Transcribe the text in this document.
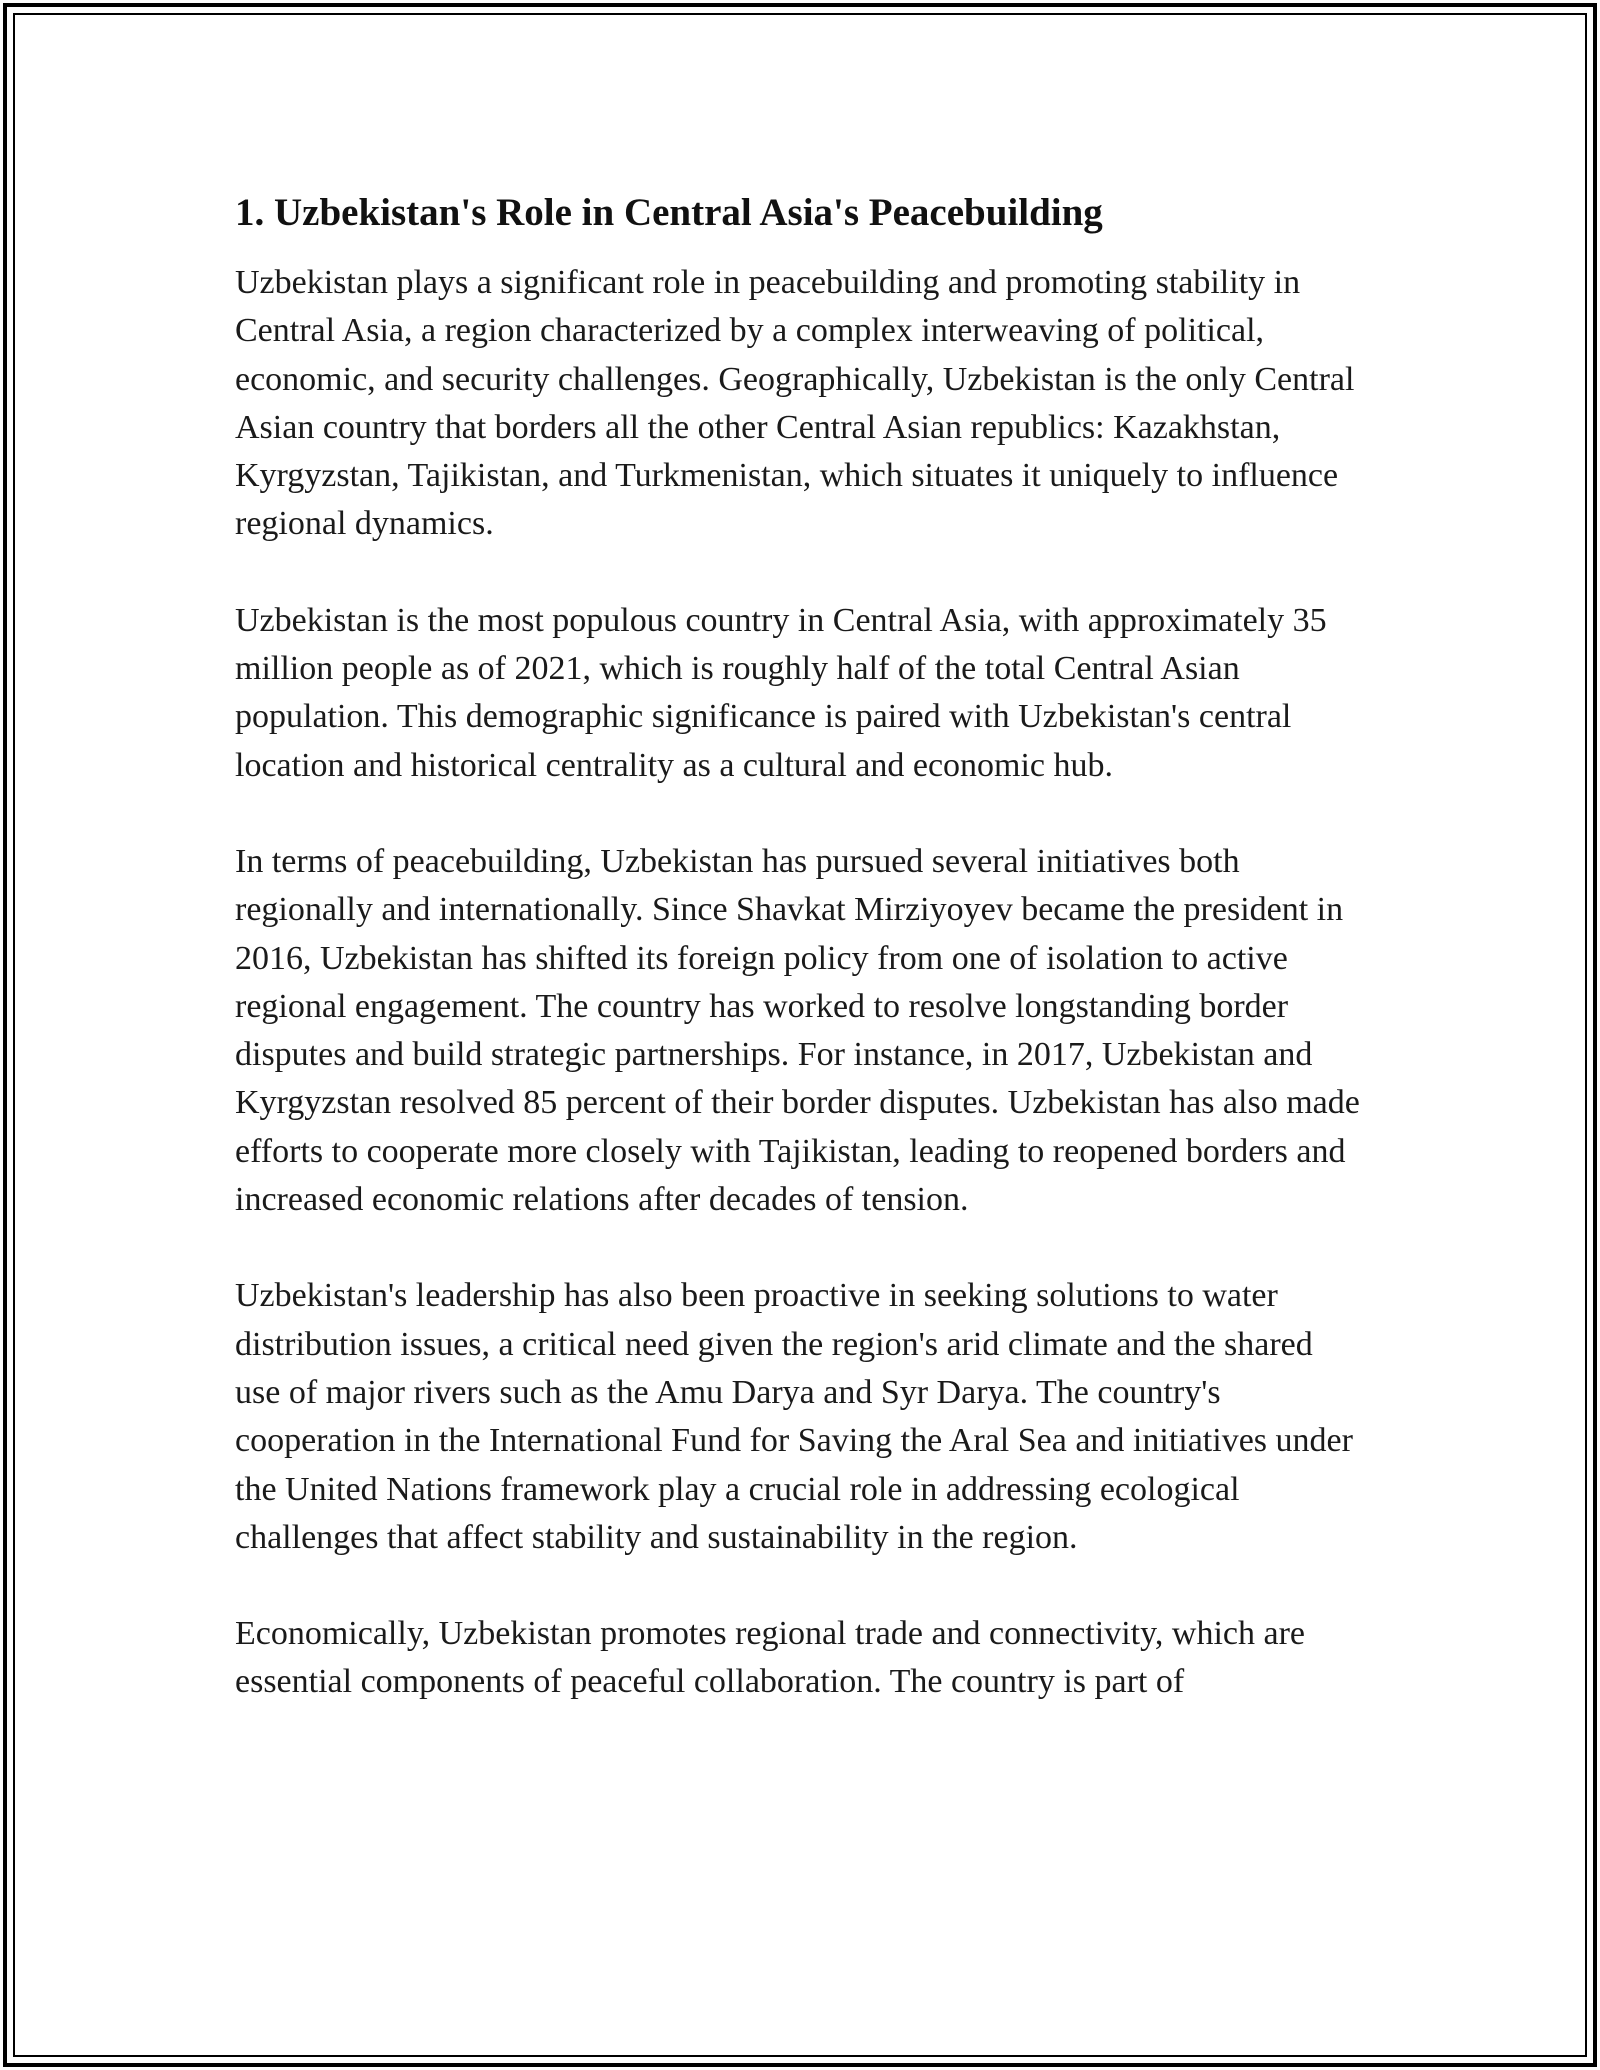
1. Uzbekistan's Role in Central Asia's Peacebuilding

Uzbekistan plays a significant role in peacebuilding and promoting stability in Central Asia, a region characterized by a complex interweaving of political, economic, and security challenges. Geographically, Uzbekistan is the only Central Asian country that borders all the other Central Asian republics: Kazakhstan, Kyrgyzstan, Tajikistan, and Turkmenistan, which situates it uniquely to influence regional dynamics.

Uzbekistan is the most populous country in Central Asia, with approximately 35 million people as of 2021, which is roughly half of the total Central Asian population. This demographic significance is paired with Uzbekistan's central location and historical centrality as a cultural and economic hub.

In terms of peacebuilding, Uzbekistan has pursued several initiatives both regionally and internationally. Since Shavkat Mirziyoyev became the president in 2016, Uzbekistan has shifted its foreign policy from one of isolation to active regional engagement. The country has worked to resolve longstanding border disputes and build strategic partnerships. For instance, in 2017, Uzbekistan and Kyrgyzstan resolved 85 percent of their border disputes. Uzbekistan has also made efforts to cooperate more closely with Tajikistan, leading to reopened borders and increased economic relations after decades of tension.

Uzbekistan's leadership has also been proactive in seeking solutions to water distribution issues, a critical need given the region's arid climate and the shared use of major rivers such as the Amu Darya and Syr Darya. The country's cooperation in the International Fund for Saving the Aral Sea and initiatives under the United Nations framework play a crucial role in addressing ecological challenges that affect stability and sustainability in the region.

Economically, Uzbekistan promotes regional trade and connectivity, which are essential components of peaceful collaboration. The country is part of
